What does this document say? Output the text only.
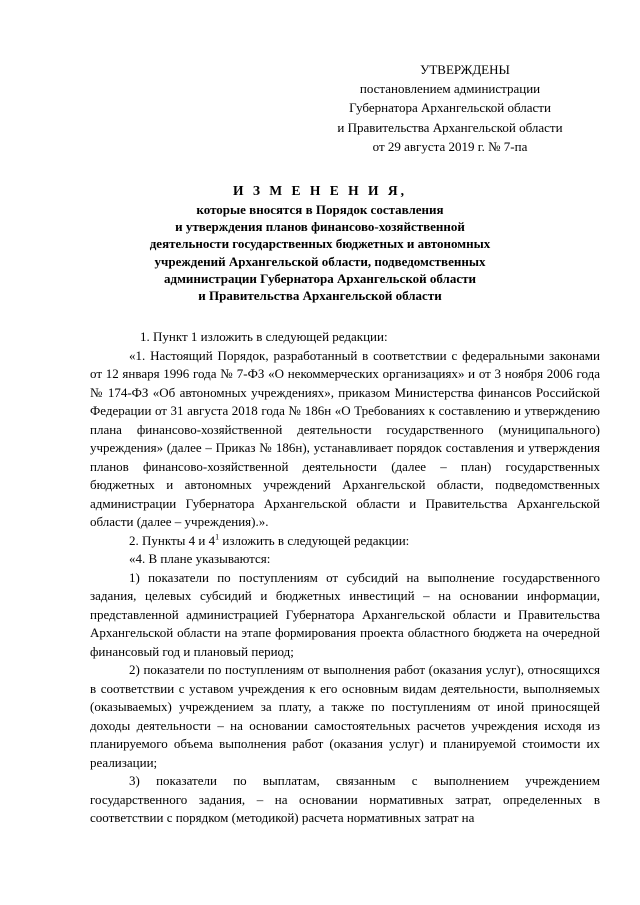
УТВЕРЖДЕНЫ
постановлением администрации
Губернатора Архангельской области
и Правительства Архангельской области
от 29 августа 2019 г. № 7-па
И З М Е Н Е Н И Я,
которые вносятся в Порядок составления
и утверждения планов финансово-хозяйственной
деятельности государственных бюджетных и автономных
учреждений Архангельской области, подведомственных
администрации Губернатора Архангельской области
и Правительства Архангельской области

1. Пункт 1 изложить в следующей редакции:

«1. Настоящий Порядок, разработанный в соответствии с федеральными законами от 12 января 1996 года № 7-ФЗ «О некоммерческих организациях» и от 3 ноября 2006 года № 174-ФЗ «Об автономных учреждениях», приказом Министерства финансов Российской Федерации от 31 августа 2018 года № 186н «О Требованиях к составлению и утверждению плана финансово-хозяйственной деятельности государственного (муниципального) учреждения» (далее – Приказ № 186н), устанавливает порядок составления и утверждения планов финансово-хозяйственной деятельности (далее – план) государственных бюджетных и автономных учреждений Архангельской области, подведомственных администрации Губернатора Архангельской области и Правительства Архангельской области (далее – учреждения).».

2. Пункты 4 и $4^1$ изложить в следующей редакции:

«4. В плане указываются:

1) показатели по поступлениям от субсидий на выполнение государственного задания, целевых субсидий и бюджетных инвестиций – на основании информации, представленной администрацией Губернатора Архангельской области и Правительства Архангельской области на этапе формирования проекта областного бюджета на очередной финансовый год и плановый период;

2) показатели по поступлениям от выполнения работ (оказания услуг), относящихся в соответствии с уставом учреждения к его основным видам деятельности, выполняемых (оказываемых) учреждением за плату, а также по поступлениям от иной приносящей доходы деятельности – на основании самостоятельных расчетов учреждения исходя из планируемого объема выполнения работ (оказания услуг) и планируемой стоимости их реализации;

3) показатели по выплатам, связанным с выполнением учреждением государственного задания, – на основании нормативных затрат, определенных в соответствии с порядком (методикой) расчета нормативных затрат на
